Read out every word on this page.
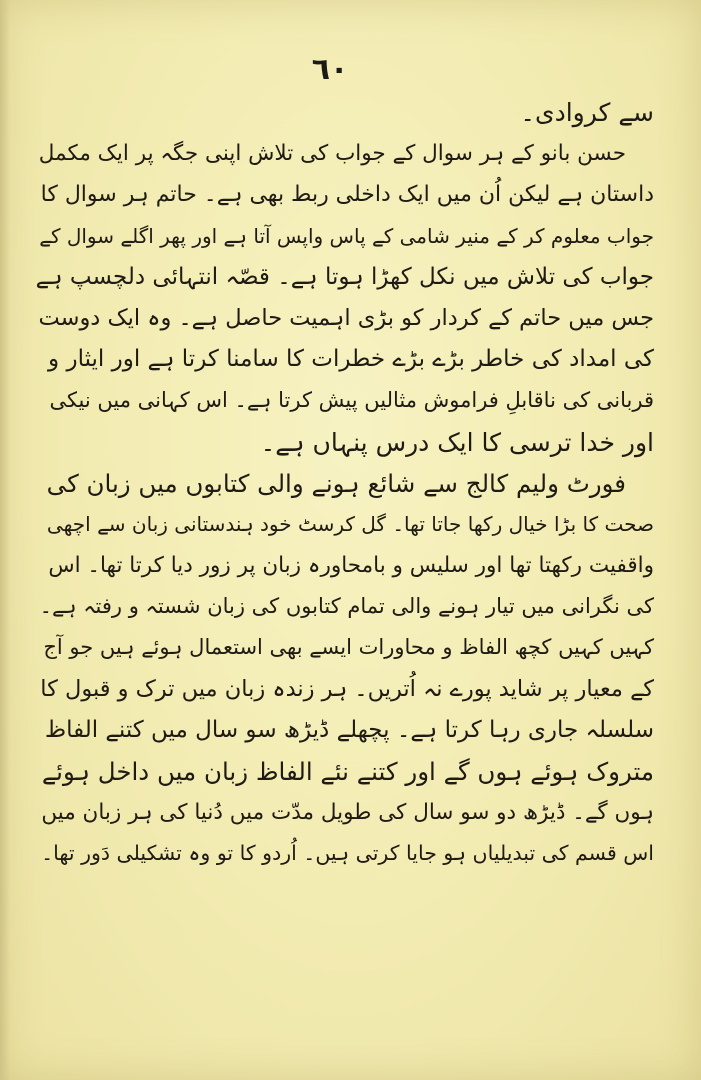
٦٠
سے کروادی۔
حسن بانو کے ہر سوال کے جواب کی تلاش اپنی جگہ پر ایک مکمل
داستان ہے لیکن اُن میں ایک داخلی ربط بھی ہے۔ حاتم ہر سوال کا
جواب معلوم کر کے منیر شامی کے پاس واپس آتا ہے اور پھر اگلے سوال کے
جواب کی تلاش میں نکل کھڑا ہوتا ہے۔ قصّہ انتہائی دلچسپ ہے
جس میں حاتم کے کردار کو بڑی اہمیت حاصل ہے۔ وہ ایک دوست
کی امداد کی خاطر بڑے بڑے خطرات کا سامنا کرتا ہے اور ایثار و
قربانی کی ناقابلِ فراموش مثالیں پیش کرتا ہے۔ اس کہانی میں نیکی
اور خدا ترسی کا ایک درس پنہاں ہے۔
فورٹ ولیم کالج سے شائع ہونے والی کتابوں میں زبان کی
صحت کا بڑا خیال رکھا جاتا تھا۔ گل کرسٹ خود ہندستانی زبان سے اچھی
واقفیت رکھتا تھا اور سلیس و بامحاورہ زبان پر زور دیا کرتا تھا۔ اس
کی نگرانی میں تیار ہونے والی تمام کتابوں کی زبان شستہ و رفتہ ہے۔
کہیں کہیں کچھ الفاظ و محاورات ایسے بھی استعمال ہوئے ہیں جو آج
کے معیار پر شاید پورے نہ اُتریں۔ ہر زندہ زبان میں ترک و قبول کا
سلسلہ جاری رہا کرتا ہے۔ پچھلے ڈیڑھ سو سال میں کتنے الفاظ
متروک ہوئے ہوں گے اور کتنے نئے الفاظ زبان میں داخل ہوئے
ہوں گے۔ ڈیڑھ دو سو سال کی طویل مدّت میں دُنیا کی ہر زبان میں
اس قسم کی تبدیلیاں ہو جایا کرتی ہیں۔ اُردو کا تو وہ تشکیلی دَور تھا۔
